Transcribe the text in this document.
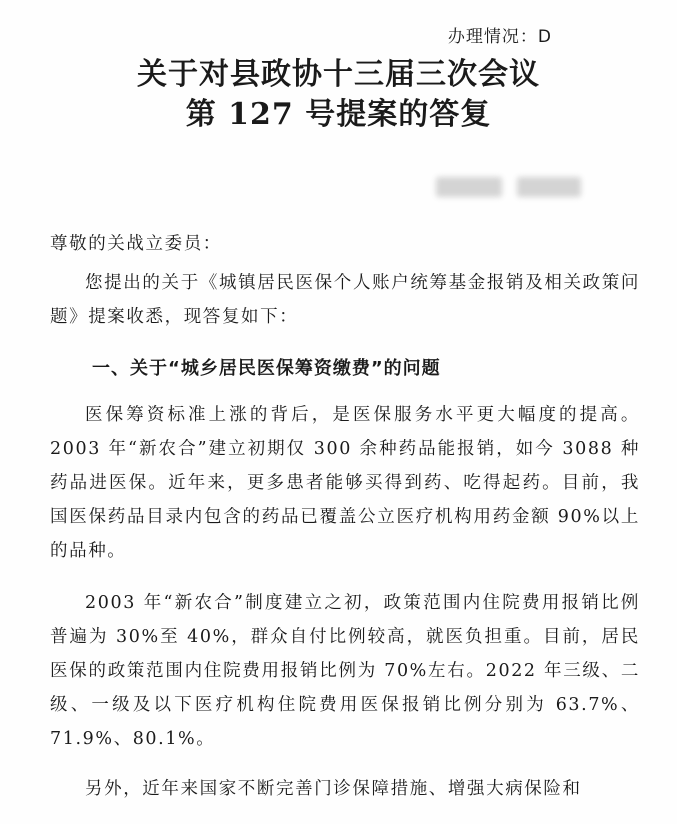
办理情况：D
关于对县政协十三届三次会议
第 127 号提案的答复
尊敬的关战立委员：
您提出的关于《城镇居民医保个人账户统筹基金报销及相关政策问题》提案收悉，现答复如下：
一、关于“城乡居民医保筹资缴费”的问题
医保筹资标准上涨的背后，是医保服务水平更大幅度的提高。2003 年“新农合”建立初期仅 300 余种药品能报销，如今 3088 种药品进医保。近年来，更多患者能够买得到药、吃得起药。目前，我国医保药品目录内包含的药品已覆盖公立医疗机构用药金额 90%以上的品种。
2003 年“新农合”制度建立之初，政策范围内住院费用报销比例普遍为 30%至 40%，群众自付比例较高，就医负担重。目前，居民医保的政策范围内住院费用报销比例为 70%左右。2022 年三级、二级、一级及以下医疗机构住院费用医保报销比例分别为 63.7%、71.9%、80.1%。
另外，近年来国家不断完善门诊保障措施、增强大病保险和
